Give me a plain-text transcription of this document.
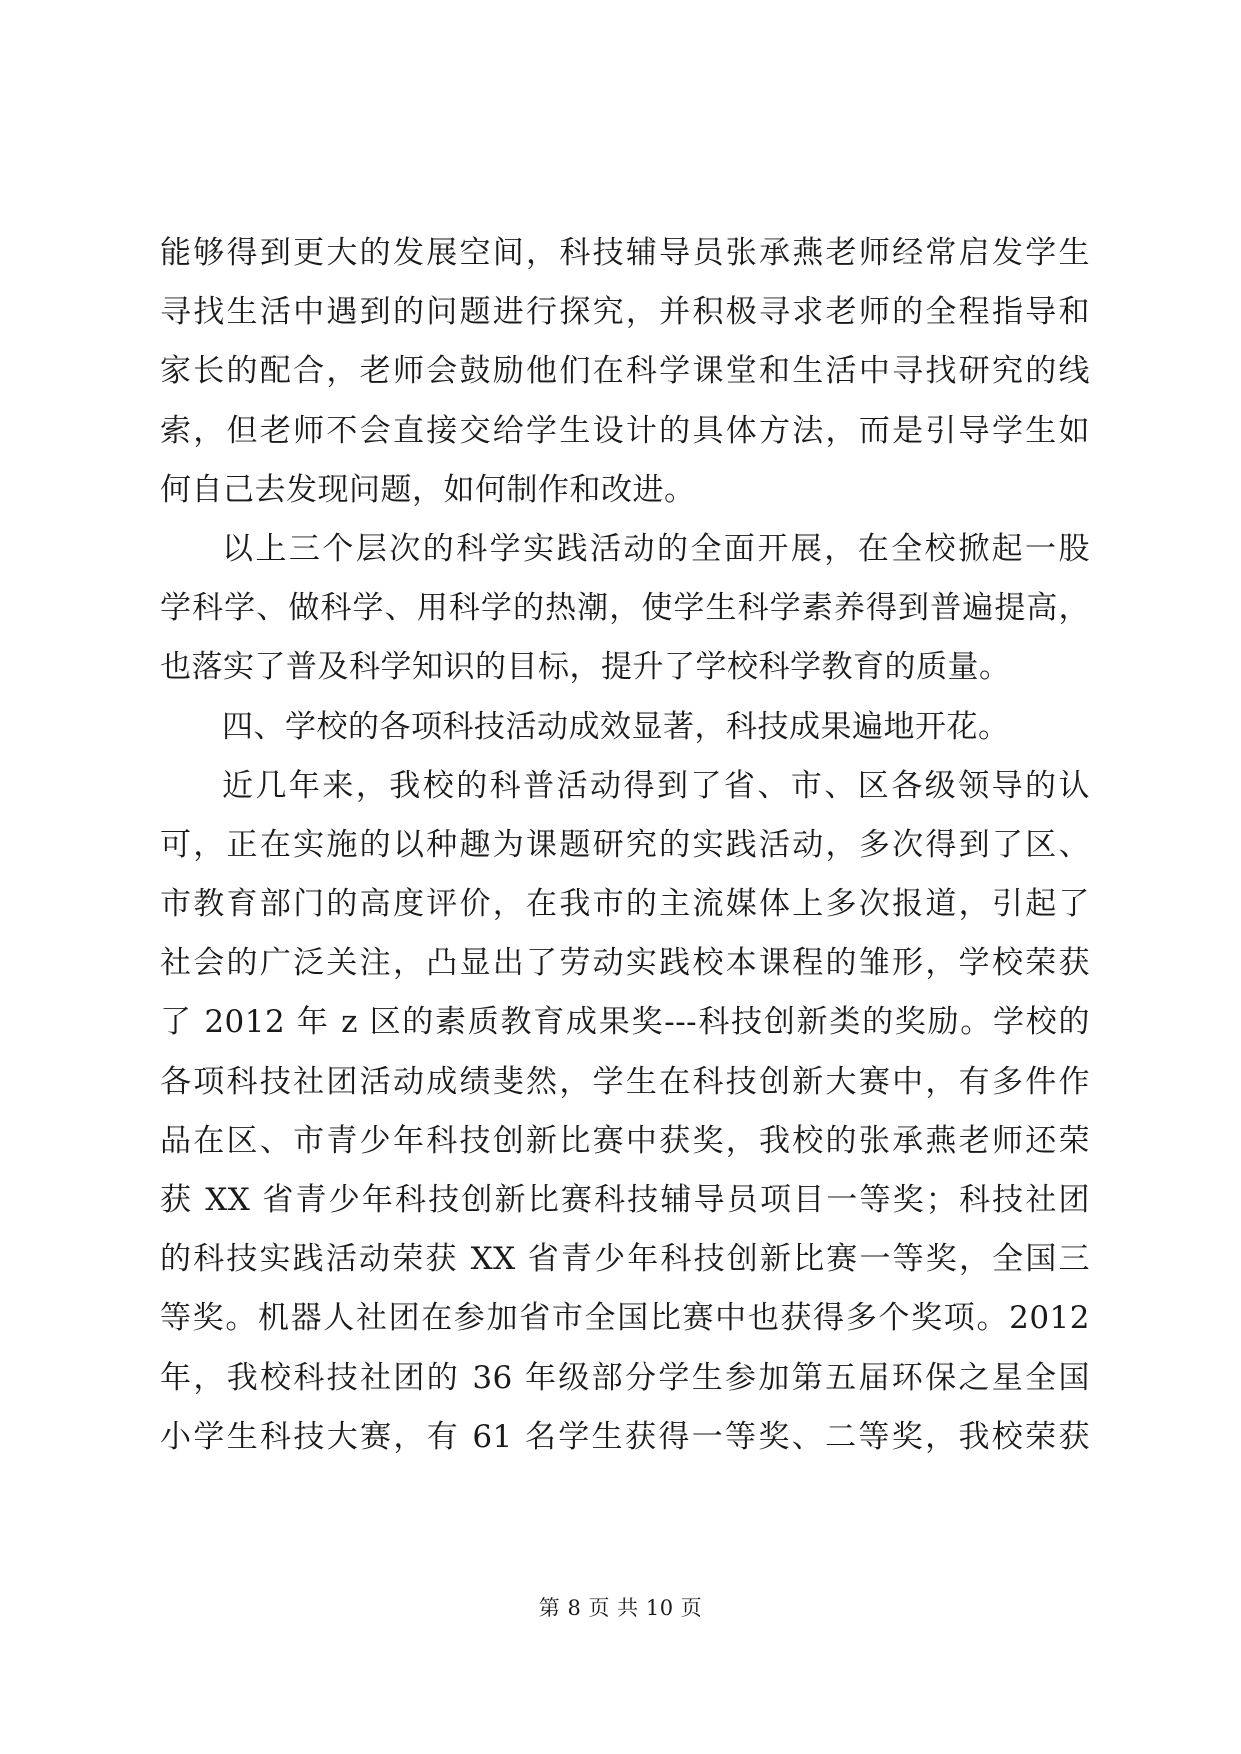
能够得到更大的发展空间，科技辅导员张承燕老师经常启发学生
寻找生活中遇到的问题进行探究，并积极寻求老师的全程指导和
家长的配合，老师会鼓励他们在科学课堂和生活中寻找研究的线
索，但老师不会直接交给学生设计的具体方法，而是引导学生如
何自己去发现问题，如何制作和改进。
以上三个层次的科学实践活动的全面开展，在全校掀起一股
学科学、做科学、用科学的热潮，使学生科学素养得到普遍提高，
也落实了普及科学知识的目标，提升了学校科学教育的质量。
四、学校的各项科技活动成效显著，科技成果遍地开花。
近几年来，我校的科普活动得到了省、市、区各级领导的认
可，正在实施的以种趣为课题研究的实践活动，多次得到了区、
市教育部门的高度评价，在我市的主流媒体上多次报道，引起了
社会的广泛关注，凸显出了劳动实践校本课程的雏形，学校荣获
了 2012 年 z 区的素质教育成果奖---科技创新类的奖励。学校的
各项科技社团活动成绩斐然，学生在科技创新大赛中，有多件作
品在区、市青少年科技创新比赛中获奖，我校的张承燕老师还荣
获 XX 省青少年科技创新比赛科技辅导员项目一等奖；科技社团
的科技实践活动荣获 XX 省青少年科技创新比赛一等奖，全国三
等奖。机器人社团在参加省市全国比赛中也获得多个奖项。2012
年，我校科技社团的 36 年级部分学生参加第五届环保之星全国
小学生科技大赛，有 61 名学生获得一等奖、二等奖，我校荣获
第 8 页 共 10 页
